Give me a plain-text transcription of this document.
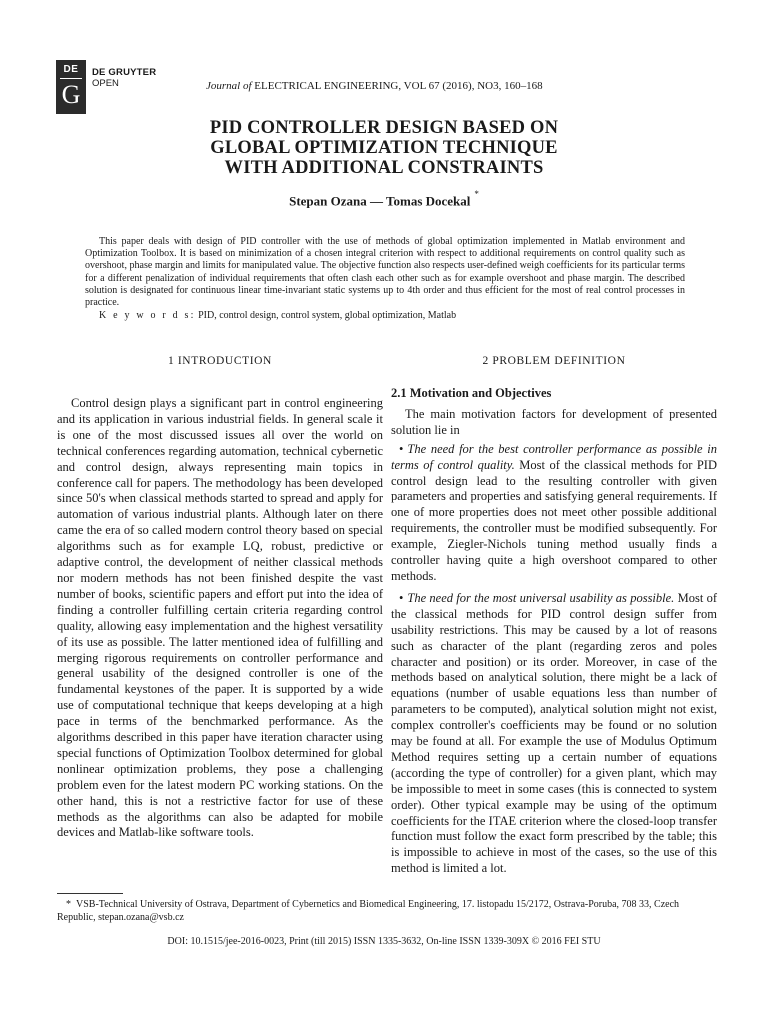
DE
G
DE GRUYTER
OPEN	Journal of ELECTRICAL ENGINEERING, VOL 67 (2016), NO3, 160–168
PID CONTROLLER DESIGN BASED ON
GLOBAL OPTIMIZATION TECHNIQUE
WITH ADDITIONAL CONSTRAINTS
Stepan Ozana — Tomas Docekal *

This paper deals with design of PID controller with the use of methods of global optimization implemented in Matlab environment and Optimization Toolbox. It is based on minimization of a chosen integral criterion with respect to additional requirements on control quality such as overshoot, phase margin and limits for manipulated value. The objective function also respects user-defined weigh coefficients for its particular terms for a different penalization of individual requirements that often clash each other such as for example overshoot and phase margin. The described solution is designated for continuous linear time-invariant static systems up to 4th order and thus efficient for the most of real control processes in practice.

K e y w o r d s: PID, control design, control system, global optimization, Matlab
1 INTRODUCTION

Control design plays a significant part in control engineering and its application in various industrial fields. In general scale it is one of the most discussed issues all over the world on technical conferences regarding automation, technical cybernetic and control design, always representing main topics in conference call for papers. The methodology has been developed since 50's when classical methods started to spread and apply for automation of various industrial plants. Although later on there came the era of so called modern control theory based on special algorithms such as for example LQ, robust, predictive or adaptive control, the development of neither classical methods nor modern methods has not been finished despite the vast number of books, scientific papers and effort put into the idea of finding a controller fulfilling certain criteria regarding control quality, allowing easy implementation and the highest versatility of its use as possible. The latter mentioned idea of fulfilling and merging rigorous requirements on controller performance and general usability of the designed controller is one of the fundamental keystones of the paper. It is supported by a wide use of computational technique that keeps developing at a high pace in terms of the benchmarked performance. As the algorithms described in this paper have iteration character using special functions of Optimization Toolbox determined for global nonlinear optimization problems, they pose a challenging problem even for the latest modern PC working stations. On the other hand, this is not a restrictive factor for use of these methods as the algorithms can also be adapted for mobile devices and Matlab-like software tools.

2 PROBLEM DEFINITION
2.1 Motivation and Objectives

The main motivation factors for development of presented solution lie in

• The need for the best controller performance as possible in terms of control quality. Most of the classical methods for PID control design lead to the resulting controller with given parameters and properties and satisfying general requirements. If one of more properties does not meet other possible additional requirements, the controller must be modified subsequently. For example, Ziegler-Nichols tuning method usually finds a controller having quite a high overshoot compared to other methods.

• The need for the most universal usability as possible. Most of the classical methods for PID control design suffer from usability restrictions. This may be caused by a lot of reasons such as character of the plant (regarding zeros and poles character and position) or its order. Moreover, in case of the methods based on analytical solution, there might be a lack of equations (number of usable equations less than number of parameters to be computed), analytical solution might not exist, complex controller's coefficients may be found or no solution may be found at all. For example the use of Modulus Optimum Method requires setting up a certain number of equations (according the type of controller) for a given plant, which may be impossible to meet in some cases (this is connected to system order). Other typical example may be using of the optimum coefficients for the ITAE criterion where the closed-loop transfer function must follow the exact form prescribed by the table; this is impossible to achieve in most of the cases, so the use of this method is limited a lot.

* VSB-Technical University of Ostrava, Department of Cybernetics and Biomedical Engineering, 17. listopadu 15/2172, Ostrava-Poruba, 708 33, Czech Republic, stepan.ozana@vsb.cz
DOI: 10.1515/jee-2016-0023, Print (till 2015) ISSN 1335-3632, On-line ISSN 1339-309X © 2016 FEI STU
